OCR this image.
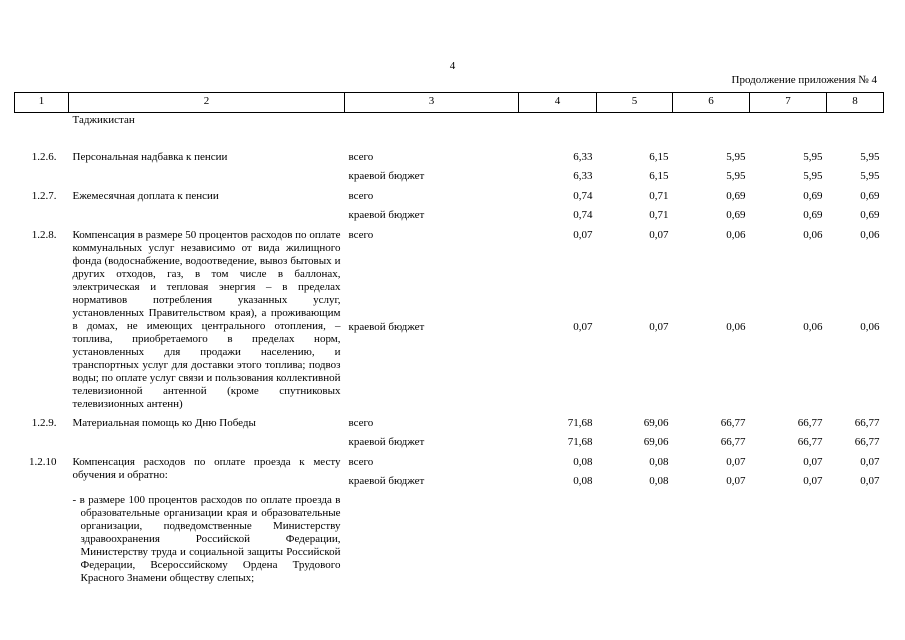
4
Продолжение приложения № 4
1	2	3	4	5	6	7	8
	Таджикистан						
1.2.6.	Персональная надбавка к пенсии	всего	6,33	6,15	5,95	5,95	5,95
		краевой бюджет	6,33	6,15	5,95	5,95	5,95
1.2.7.	Ежемесячная доплата к пенсии	всего	0,74	0,71	0,69	0,69	0,69
		краевой бюджет	0,74	0,71	0,69	0,69	0,69
1.2.8.	Компенсация в размере 50 процентов расходов по оплате коммунальных услуг независимо от вида жилищного фонда (водоснабжение, водоотведение, вывоз бытовых и других отходов, газ, в том числе в баллонах, электрическая и тепловая энергия – в пределах нормативов потребления указанных услуг, установленных Правительством края), а проживающим в домах, не имеющих центрального отопления, – топлива, приобретаемого в пределах норм, установленных для продажи населению, и транспортных услуг для доставки этого топлива; подвоз воды; по оплате услуг связи и пользования коллективной телевизионной антенной (кроме спутниковых телевизионных антенн)	всего	0,07	0,07	0,06	0,06	0,06
		краевой бюджет	0,07	0,07	0,06	0,06	0,06
1.2.9.	Материальная помощь ко Дню Победы	всего	71,68	69,06	66,77	66,77	66,77
		краевой бюджет	71,68	69,06	66,77	66,77	66,77
1.2.10	Компенсация расходов по оплате проезда к месту обучения и обратно:	всего	0,08	0,08	0,07	0,07	0,07
		краевой бюджет	0,08	0,08	0,07	0,07	0,07

	- в размере 100 процентов расходов по оплате проезда в образовательные организации края и образовательные организации, подведомственные Министерству здравоохранения Российской Федерации, Министерству труда и социальной защиты Российской Федерации, Всероссийскому Ордена Трудового Красного Знамени обществу слепых;						
